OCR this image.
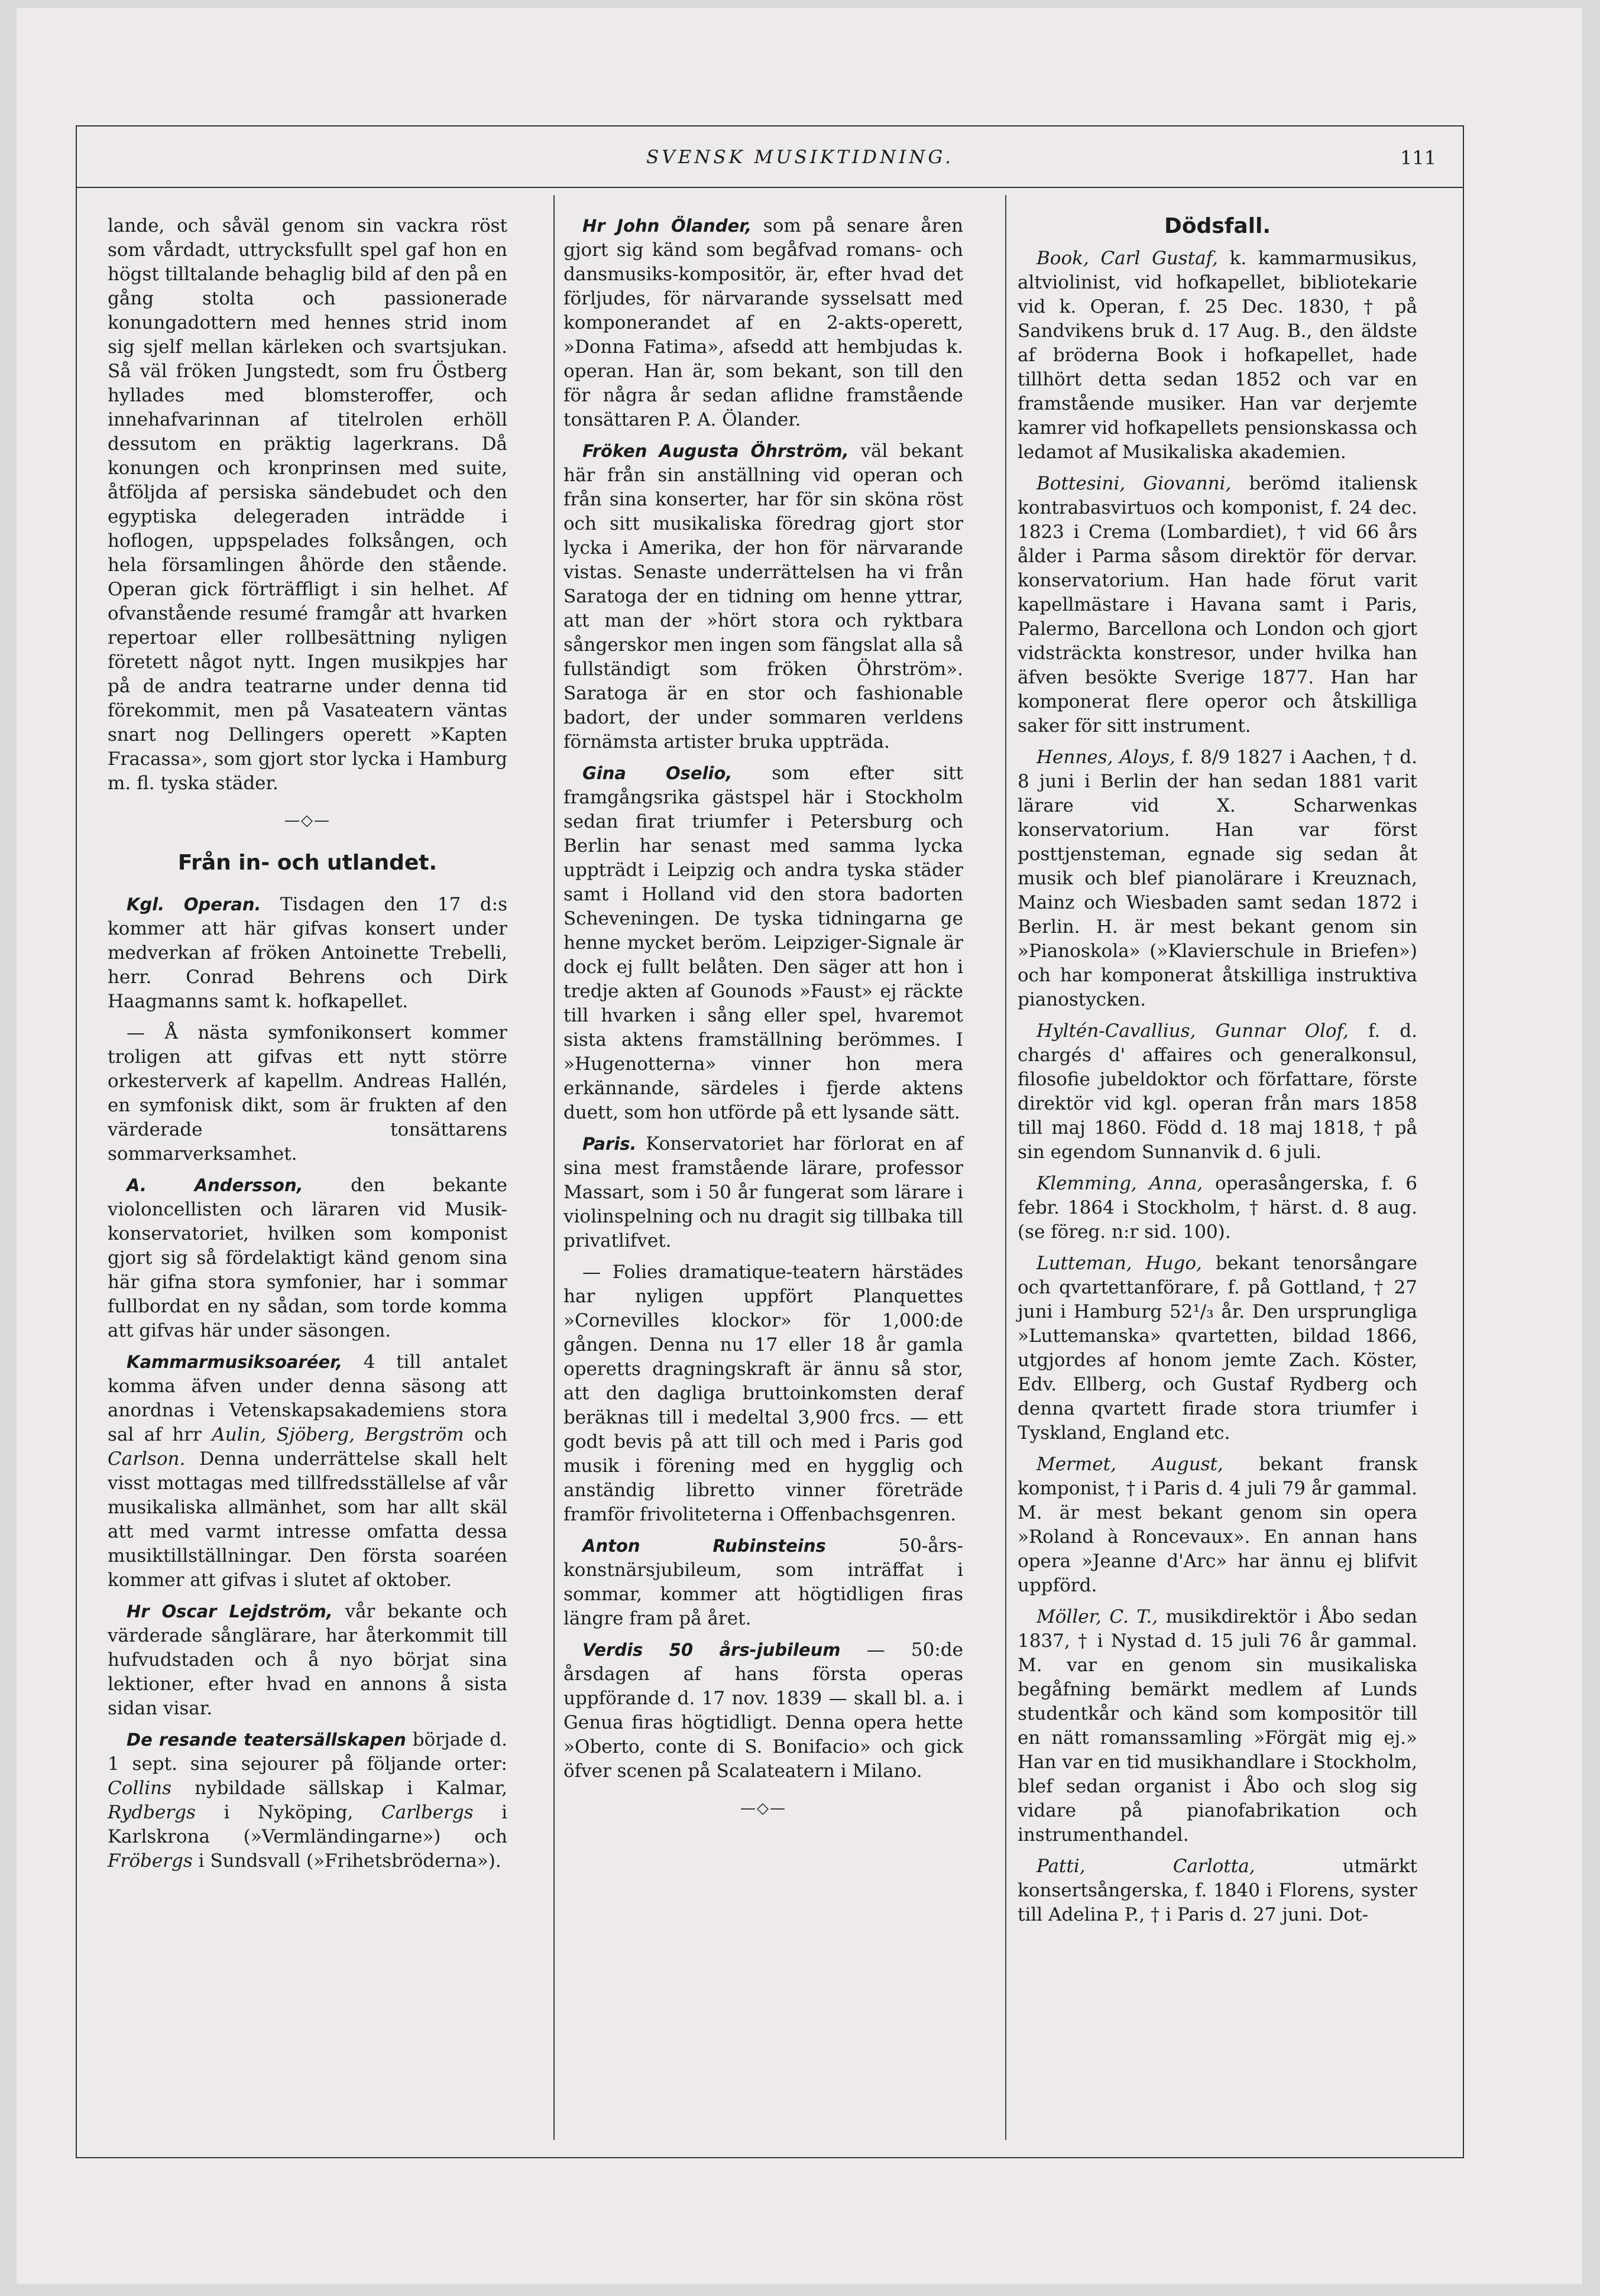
SVENSK MUSIKTIDNING.	111

lande, och såväl genom sin vackra röst som vårdadt, uttrycksfullt spel gaf hon en högst tilltalande behaglig bild af den på en gång stolta och passionerade konungadottern med hennes strid inom sig sjelf mellan kärleken och svartsjukan. Så väl fröken Jungstedt, som fru Östberg hyllades med blomsteroffer, och innehafvarinnan af titelrolen erhöll dessutom en präktig lagerkrans. Då konungen och kronprinsen med suite, åtföljda af persiska sändebudet och den egyptiska delegeraden inträdde i hoflogen, uppspelades folksången, och hela församlingen åhörde den stående. Operan gick förträffligt i sin helhet. Af ofvanstående resumé framgår att hvarken repertoar eller rollbesättning nyligen företett något nytt. Ingen musikpjes har på de andra teatrarne under denna tid förekommit, men på Vasateatern väntas snart nog Dellingers operett »Kapten Fracassa», som gjort stor lycka i Hamburg m. fl. tyska städer.

—◇—
Från in- och utlandet.

Kgl. Operan. Tisdagen den 17 d:s kommer att här gifvas konsert under medverkan af fröken Antoinette Trebelli, herr. Conrad Behrens och Dirk Haagmanns samt k. hofkapellet.

— Å nästa symfonikonsert kommer troligen att gifvas ett nytt större orkesterverk af kapellm. Andreas Hallén, en symfonisk dikt, som är frukten af den värderade tonsättarens sommarverksamhet.

A. Andersson,	den bekante violoncellisten och läraren vid Musik-konservatoriet, hvilken som komponist gjort sig så fördelaktigt känd genom sina här gifna stora symfonier, har i sommar fullbordat en ny sådan, som torde komma att gifvas här under säsongen.

Kammarmusiksoaréer, 4 till antalet komma äfven under denna säsong att anordnas i Vetenskapsakademiens stora sal af hrr Aulin, Sjöberg, Bergström och Carlson. Denna underrättelse skall helt visst mottagas med tillfredsställelse af vår musikaliska allmänhet, som har allt skäl att med varmt intresse omfatta dessa musiktillställningar. Den första soaréen kommer att gifvas i slutet af oktober.

Hr Oscar Lejdström, vår bekante och värderade sånglärare, har återkommit till hufvudstaden och å nyo börjat sina lektioner, efter hvad en annons å sista sidan visar.

De resande teatersällskapen började d. 1 sept. sina sejourer på följande orter: Collins nybildade sällskap i Kalmar, Rydbergs i Nyköping, Carlbergs i Karlskrona (»Vermländingarne») och Fröbergs i Sundsvall (»Frihetsbröderna»).

Hr John Ölander, som på senare åren gjort sig känd som begåfvad romans- och dansmusiks-kompositör, är, efter hvad det förljudes, för närvarande sysselsatt med komponerandet af en 2-akts-operett, »Donna Fatima», afsedd att hembjudas k. operan. Han är, som bekant, son till den för några år sedan aflidne framstående tonsättaren P. A. Ölander.

Fröken Augusta Öhrström, väl bekant här från sin anställning vid operan och från sina konserter, har för sin sköna röst och sitt musikaliska föredrag gjort stor lycka i Amerika, der hon för närvarande vistas. Senaste underrättelsen ha vi från Saratoga der en tidning om henne yttrar, att man der »hört stora och ryktbara sångerskor men ingen som fängslat alla så fullständigt som fröken Öhrström». Saratoga är en stor och fashionable badort, der under sommaren verldens förnämsta artister bruka uppträda.

Gina Oselio, som efter sitt framgångsrika gästspel här i Stockholm sedan firat triumfer i Petersburg och Berlin har senast med samma lycka uppträdt i Leipzig och andra tyska städer samt i Holland vid den stora badorten Scheveningen. De tyska tidningarna ge henne mycket beröm. Leipziger-Signale är dock ej fullt belåten. Den säger att hon i tredje akten af Gounods »Faust» ej räckte till hvarken i sång eller spel, hvaremot sista aktens framställning berömmes. I »Hugenotterna» vinner hon mera erkännande, särdeles i fjerde aktens duett, som hon utförde på ett lysande sätt.

Paris. Konservatoriet har förlorat en af sina mest framstående lärare, professor Massart, som i 50 år fungerat som lärare i violinspelning och nu dragit sig tillbaka till privatlifvet.

— Folies dramatique-teatern härstädes har nyligen uppfört Planquettes »Cornevilles klockor» för 1,000:de gången. Denna nu 17 eller 18 år gamla operetts dragningskraft är ännu så stor, att den dagliga bruttoinkomsten deraf beräknas till i medeltal 3,900 frcs. — ett godt bevis på att till och med i Paris god musik i förening med en hygglig och anständig libretto vinner företräde framför frivoliteterna i Offenbachsgenren.

Anton Rubinsteins	50-års-konstnärsjubileum, som inträffat i sommar, kommer att högtidligen firas längre fram på året.

Verdis 50 års-jubileum — 50:de årsdagen af hans första operas uppförande d. 17 nov. 1839 — skall bl. a. i Genua firas högtidligt. Denna opera hette »Oberto, conte di S. Bonifacio» och gick öfver scenen på Scalateatern i Milano.

—◇—
Dödsfall.

Book, Carl Gustaf, k. kammarmusikus, altviolinist, vid hofkapellet, bibliotekarie vid k. Operan, f. 25 Dec. 1830, † på Sandvikens bruk d. 17 Aug. B., den äldste af bröderna Book i hofkapellet, hade tillhört detta sedan 1852 och var en framstående musiker. Han var derjemte kamrer vid hofkapellets pensionskassa och ledamot af Musikaliska akademien.

Bottesini, Giovanni, berömd italiensk kontrabasvirtuos och komponist, f. 24 dec. 1823 i Crema (Lombardiet), † vid 66 års ålder i Parma såsom direktör för dervar. konservatorium. Han hade förut varit kapellmästare i Havana samt i Paris, Palermo, Barcellona och London och gjort vidsträckta konstresor, under hvilka han äfven besökte Sverige 1877. Han har komponerat flere operor och åtskilliga saker för sitt instrument.

Hennes, Aloys, f. 8/9 1827 i Aachen, † d. 8 juni i Berlin der han sedan 1881 varit lärare vid X. Scharwenkas konservatorium. Han var först posttjensteman, egnade sig sedan åt musik och blef pianolärare i Kreuznach, Mainz och Wiesbaden samt sedan 1872 i Berlin. H. är mest bekant genom sin »Pianoskola» (»Klavierschule in Briefen») och har komponerat åtskilliga instruktiva pianostycken.

Hyltén-Cavallius, Gunnar Olof, f. d. chargés d' affaires och generalkonsul, filosofie jubeldoktor och författare, förste direktör vid kgl. operan från mars 1858 till maj 1860. Född d. 18 maj 1818, † på sin egendom Sunnanvik d. 6 juli.

Klemming, Anna, operasångerska, f. 6 febr. 1864 i Stockholm, † härst. d. 8 aug. (se föreg. n:r sid. 100).

Lutteman, Hugo, bekant tenorsångare och qvartettanförare, f. på Gottland, † 27 juni i Hamburg 52¹/₃ år. Den ursprungliga »Luttemanska» qvartetten, bildad 1866, utgjordes af honom jemte Zach. Köster, Edv. Ellberg, och Gustaf Rydberg och denna qvartett firade stora triumfer i Tyskland, England etc.

Mermet, August, bekant fransk komponist, † i Paris d. 4 juli 79 år gammal. M. är mest bekant genom sin opera »Roland à Roncevaux». En annan hans opera »Jeanne d'Arc» har ännu ej blifvit uppförd.

Möller, C. T., musikdirektör i Åbo sedan 1837, † i Nystad d. 15 juli 76 år gammal. M. var en genom sin musikaliska begåfning bemärkt medlem af Lunds studentkår och känd som kompositör till en nätt romanssamling »Förgät mig ej.» Han var en tid musikhandlare i Stockholm, blef sedan organist i Åbo och slog sig vidare på pianofabrikation och instrumenthandel.

Patti, Carlotta,	utmärkt konsertsångerska, f. 1840 i Florens, syster till Adelina P., † i Paris d. 27 juni. Dot-
